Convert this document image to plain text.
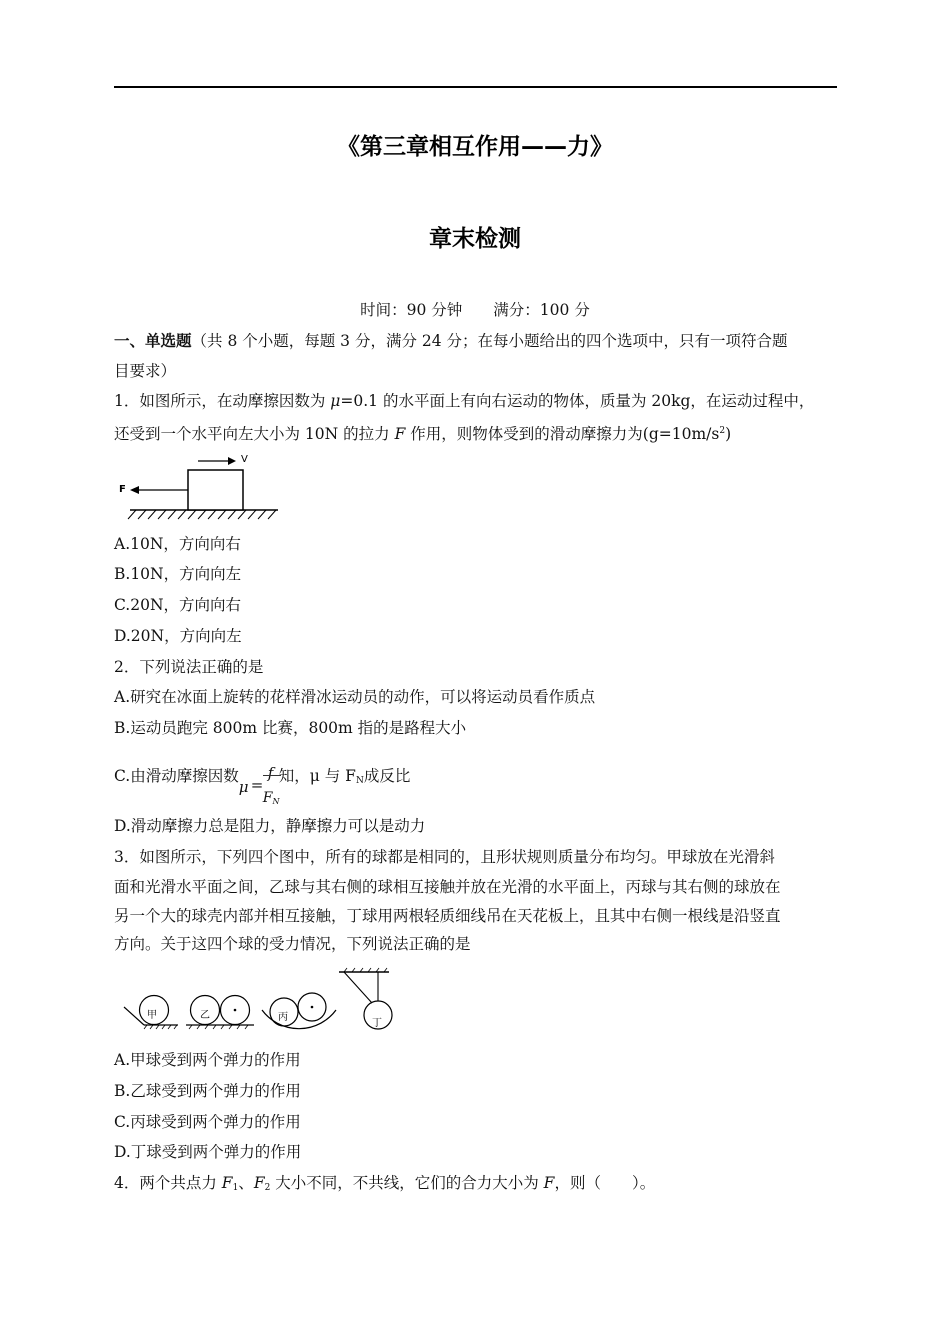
《第三章相互作用——力》
章末检测
时间：90 分钟　　满分：100 分
一、单选题（共 8 个小题，每题 3 分，满分 24 分；在每小题给出的四个选项中，只有一项符合题
目要求）
1．如图所示，在动摩擦因数为 μ=0.1 的水平面上有向右运动的物体，质量为 20kg，在运动过程中，
还受到一个水平向左大小为 10N 的拉力 F 作用，则物体受到的滑动摩擦力为$(g=10m/s^2)$
F
V
A.10N，方向向右
B.10N，方向向左
C.20N，方向向右
D.20N，方向向左
2．下列说法正确的是
A.研究在冰面上旋转的花样滑冰运动员的动作，可以将运动员看作质点
B.运动员跑完 800m 比赛，800m 指的是路程大小
C.由滑动摩擦因数
μ =
f
$F_N$
知，μ 与 $F_N$成反比
D.滑动摩擦力总是阻力，静摩擦力可以是动力
3．如图所示，下列四个图中，所有的球都是相同的，且形状规则质量分布均匀。甲球放在光滑斜
面和光滑水平面之间，乙球与其右侧的球相互接触并放在光滑的水平面上，丙球与其右侧的球放在
另一个大的球壳内部并相互接触，丁球用两根轻质细线吊在天花板上，且其中右侧一根线是沿竖直
方向。关于这四个球的受力情况，下列说法正确的是
甲	乙	丙
丁
A.甲球受到两个弹力的作用
B.乙球受到两个弹力的作用
C.丙球受到两个弹力的作用
D.丁球受到两个弹力的作用
4．两个共点力 $F_1$、$F_2$ 大小不同，不共线，它们的合力大小为 F，则（　　）。
